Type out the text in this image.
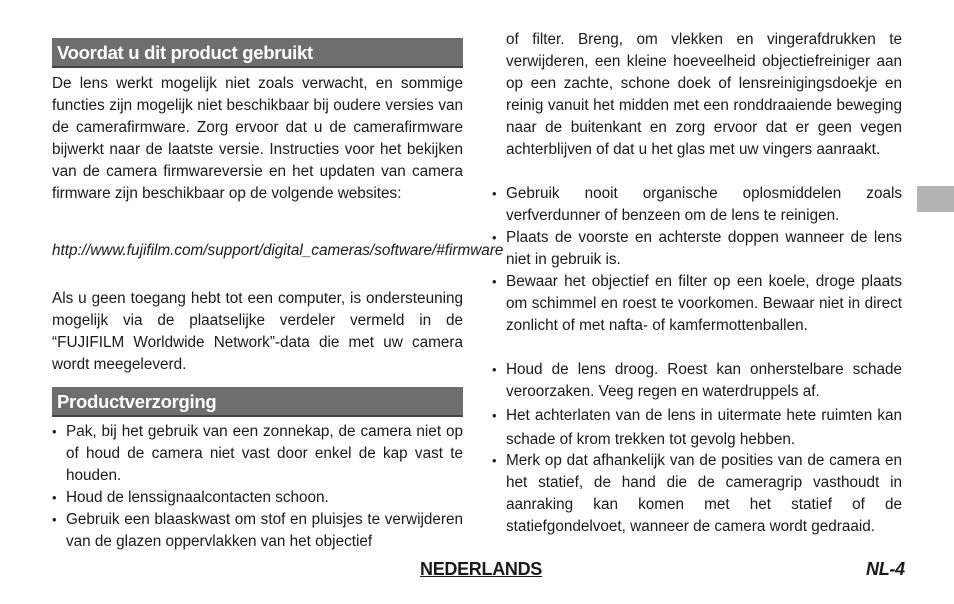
Voordat u dit product gebruikt

De lens werkt mogelijk niet zoals verwacht, en sommige functies zijn mogelijk niet beschikbaar bij oudere versies van de camerafirmware. Zorg ervoor dat u de camerafirmware bijwerkt naar de laatste versie. Instructies voor het bekijken van de camera firmwareversie en het updaten van camera firmware zijn beschikbaar op de volgende websites:

http://www.fujifilm.com/support/digital_cameras/software/#firmware

Als u geen toegang hebt tot een computer, is ondersteuning mogelijk via de plaatselijke verdeler vermeld in de “FUJIFILM Worldwide Network”-data die met uw camera wordt meegeleverd.

Productverzorging

• Pak, bij het gebruik van een zonnekap, de camera niet op of houd de camera niet vast door enkel de kap vast te houden.

• Houd de lenssignaalcontacten schoon.

• Gebruik een blaaskwast om stof en pluisjes te verwijderen van de glazen oppervlakken van het objectief

of filter. Breng, om vlekken en vingerafdrukken te verwijderen, een kleine hoeveelheid objectiefreiniger aan op een zachte, schone doek of lensreinigingsdoekje en reinig vanuit het midden met een ronddraaiende beweging naar de buitenkant en zorg ervoor dat er geen vegen achterblijven of dat u het glas met uw vingers aanraakt.

• Gebruik nooit organische oplosmiddelen zoals verfverdunner of benzeen om de lens te reinigen.

• Plaats de voorste en achterste doppen wanneer de lens niet in gebruik is.

• Bewaar het objectief en filter op een koele, droge plaats om schimmel en roest te voorkomen. Bewaar niet in direct zonlicht of met nafta- of kamfermottenballen.

• Houd de lens droog. Roest kan onherstelbare schade veroorzaken. Veeg regen en waterdruppels af.

• Het achterlaten van de lens in uitermate hete ruimten kan schade of krom trekken tot gevolg hebben.

• Merk op dat afhankelijk van de posities van de camera en het statief, de hand die de cameragrip vasthoudt in aanraking kan komen met het statief of de statiefgondelvoet, wanneer de camera wordt gedraaid.

NEDERLANDS	NL-4
